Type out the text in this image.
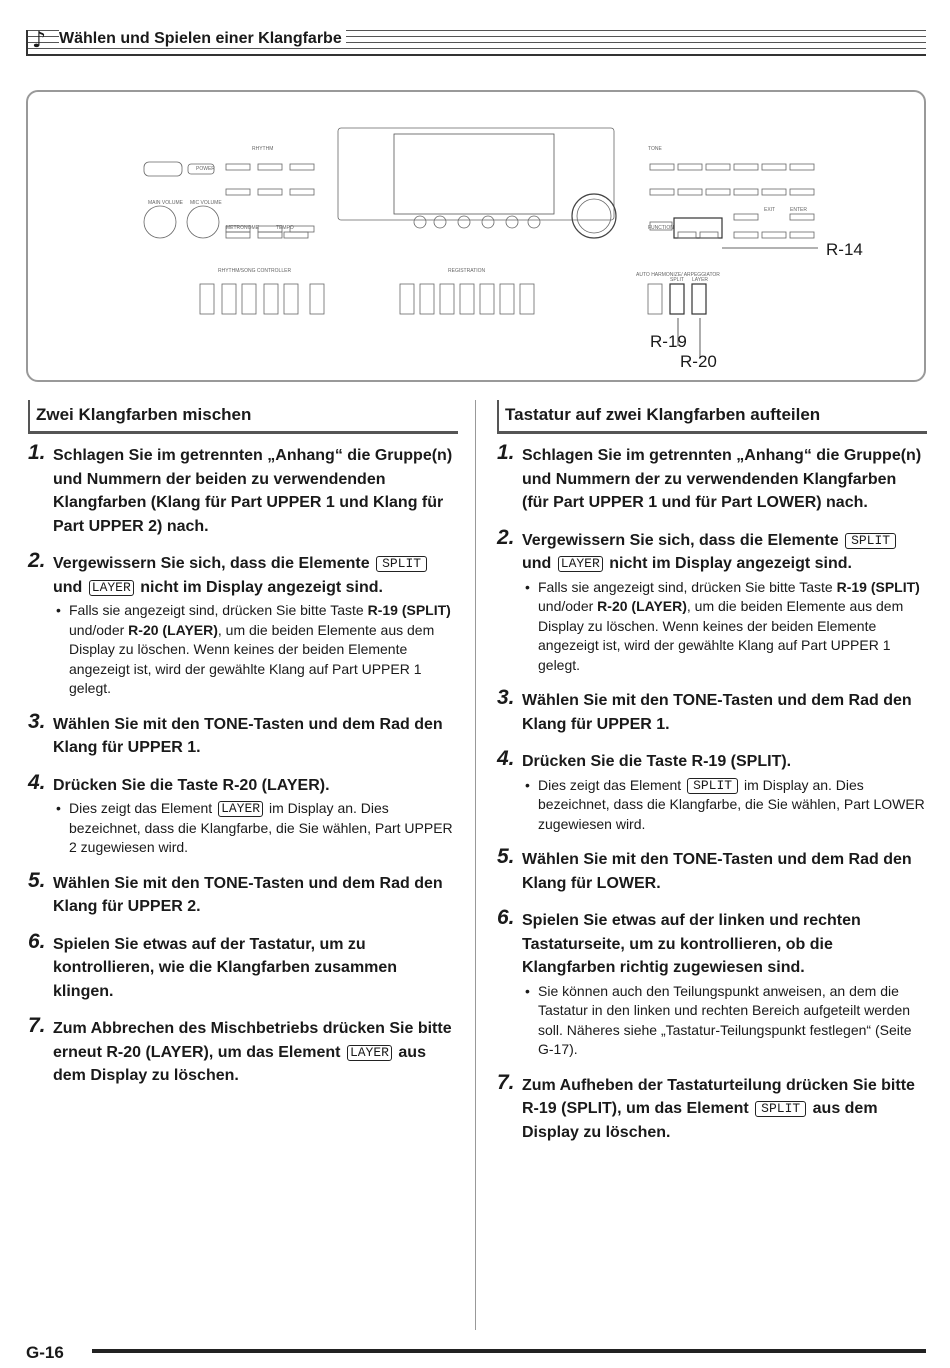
♪ Wählen und Spielen einer Klangfarbe
RHYTHM	TONE
POWER
MAIN VOLUME MIC VOLUME
METRONOME	TEMPO	FUNCTION
EXIT	ENTER
RHYTHM/SONG CONTROLLER	REGISTRATION
AUTO HARMONIZE/ ARPEGGIATOR
SPLIT LAYER
R-14
R-19
R-20
Zwei Klangfarben mischen
1. Schlagen Sie im getrennten „Anhang“ die Gruppe(n) und Nummern der beiden zu verwendenden Klangfarben (Klang für Part UPPER 1 und Klang für Part UPPER 2) nach.
2. Vergewissern Sie sich, dass die Elemente SPLIT und LAYER nicht im Display angezeigt sind.
• Falls sie angezeigt sind, drücken Sie bitte Taste R-19 (SPLIT) und/oder R-20 (LAYER), um die beiden Elemente aus dem Display zu löschen. Wenn keines der beiden Elemente angezeigt ist, wird der gewählte Klang auf Part UPPER 1 gelegt.
3. Wählen Sie mit den TONE-Tasten und dem Rad den Klang für UPPER 1.
4. Drücken Sie die Taste R-20 (LAYER).
• Dies zeigt das Element LAYER im Display an. Dies bezeichnet, dass die Klangfarbe, die Sie wählen, Part UPPER 2 zugewiesen wird.
5. Wählen Sie mit den TONE-Tasten und dem Rad den Klang für UPPER 2.
6. Spielen Sie etwas auf der Tastatur, um zu kontrollieren, wie die Klangfarben zusammen klingen.
7. Zum Abbrechen des Mischbetriebs drücken Sie bitte erneut R-20 (LAYER), um das Element LAYER aus dem Display zu löschen.
Tastatur auf zwei Klangfarben aufteilen
1. Schlagen Sie im getrennten „Anhang“ die Gruppe(n) und Nummern der zu verwendenden Klangfarben (für Part UPPER 1 und für Part LOWER) nach.
2. Vergewissern Sie sich, dass die Elemente SPLIT und LAYER nicht im Display angezeigt sind.
• Falls sie angezeigt sind, drücken Sie bitte Taste R-19 (SPLIT) und/oder R-20 (LAYER), um die beiden Elemente aus dem Display zu löschen. Wenn keines der beiden Elemente angezeigt ist, wird der gewählte Klang auf Part UPPER 1 gelegt.
3. Wählen Sie mit den TONE-Tasten und dem Rad den Klang für UPPER 1.
4. Drücken Sie die Taste R-19 (SPLIT).
• Dies zeigt das Element SPLIT im Display an. Dies bezeichnet, dass die Klangfarbe, die Sie wählen, Part LOWER zugewiesen wird.
5. Wählen Sie mit den TONE-Tasten und dem Rad den Klang für LOWER.
6. Spielen Sie etwas auf der linken und rechten Tastaturseite, um zu kontrollieren, ob die Klangfarben richtig zugewiesen sind.
• Sie können auch den Teilungspunkt anweisen, an dem die Tastatur in den linken und rechten Bereich aufgeteilt werden soll. Näheres siehe „Tastatur-Teilungspunkt festlegen“ (Seite G-17).
7. Zum Aufheben der Tastaturteilung drücken Sie bitte R-19 (SPLIT), um das Element SPLIT aus dem Display zu löschen.
G-16
